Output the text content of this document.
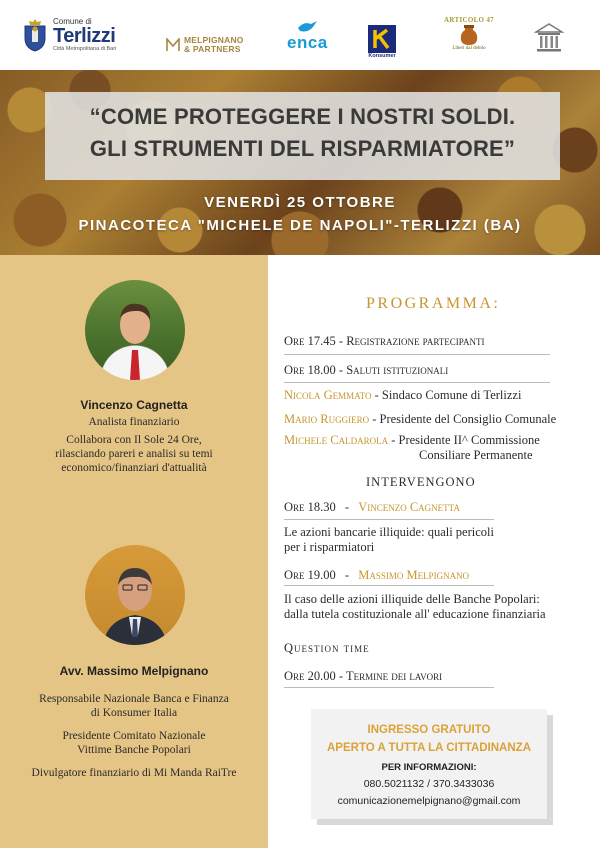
Comune di
Terlizzi
Città Metropolitana di Bari
MELPIGNANO
& PARTNERS	enca
Konsumer
ARTICOLO 47
Liberi dal debito
“COME PROTEGGERE I NOSTRI SOLDI.
GLI STRUMENTI DEL RISPARMIATORE”
VENERDÌ 25 OTTOBRE
PINACOTECA "MICHELE DE NAPOLI"-TERLIZZI (BA)
Vincenzo Cagnetta
Analista finanziario
Collabora con Il Sole 24 Ore,
rilasciando pareri e analisi su temi
economico/finanziari d'attualità
Avv. Massimo Melpignano
Responsabile Nazionale Banca e Finanza
di Konsumer Italia
Presidente Comitato Nazionale
Vittime Banche Popolari
Divulgatore finanziario di Mi Manda RaiTre
PROGRAMMA:
Ore 17.45 - Registrazione partecipanti
Ore 18.00 - Saluti istituzionali
Nicola Gemmato - Sindaco Comune di Terlizzi
Mario Ruggiero - Presidente del Consiglio Comunale
Michele Caldarola - Presidente II^ Commissione
Consiliare Permanente
INTERVENGONO
Ore 18.30 - Vincenzo Cagnetta
Le azioni bancarie illiquide: quali pericoli
per i risparmiatori
Ore 19.00 - Massimo Melpignano
Il caso delle azioni illiquide delle Banche Popolari:
dalla tutela costituzionale all' educazione finanziaria
Question time
Ore 20.00 - Termine dei lavori
INGRESSO GRATUITO
APERTO A TUTTA LA CITTADINANZA
PER INFORMAZIONI:
080.5021132 / 370.3433036
comunicazionemelpignano@gmail.com
